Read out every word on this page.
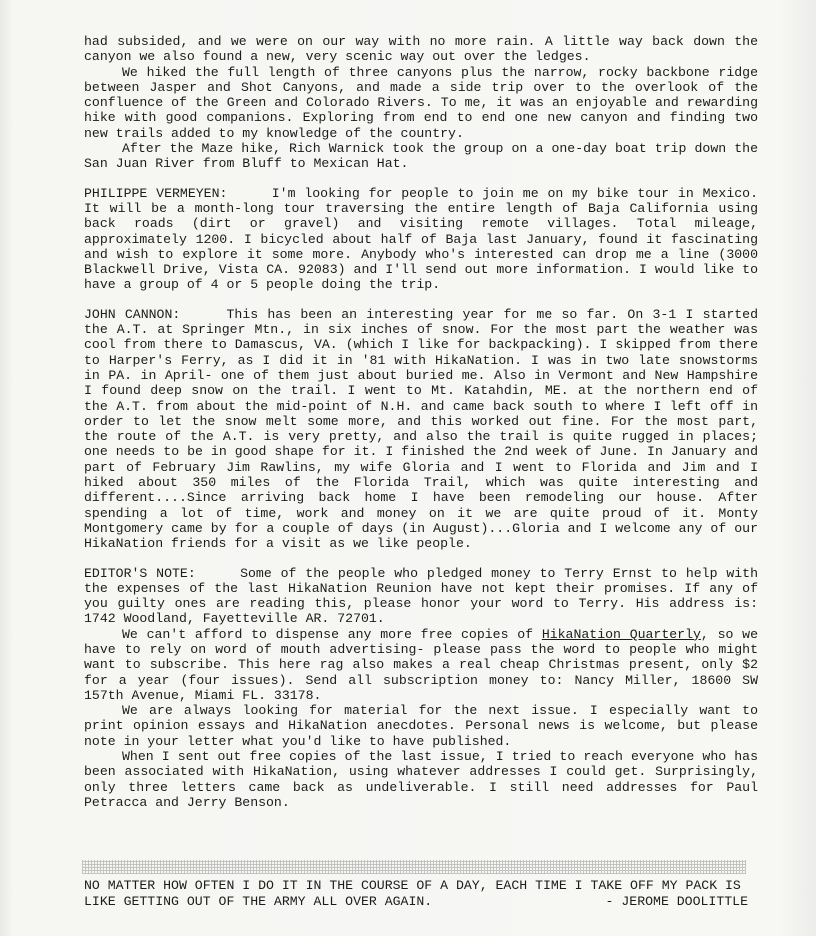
had subsided, and we were on our way with no more rain. A little way back down the canyon we also found a new, very scenic way out over the ledges.

We hiked the full length of three canyons plus the narrow, rocky backbone ridge between Jasper and Shot Canyons, and made a side trip over to the overlook of the confluence of the Green and Colorado Rivers. To me, it was an enjoyable and rewarding hike with good companions. Exploring from end to end one new canyon and finding two new trails added to my knowledge of the country.

After the Maze hike, Rich Warnick took the group on a one-day boat trip down the San Juan River from Bluff to Mexican Hat.

PHILIPPE VERMEYEN:	I'm looking for people to join me on my bike tour in Mexico. It will be a month-long tour traversing the entire length of Baja California using back roads (dirt or gravel) and visiting remote villages. Total mileage, approximately 1200. I bicycled about half of Baja last January, found it fascinating and wish to explore it some more. Anybody who's interested can drop me a line (3000 Blackwell Drive, Vista CA. 92083) and I'll send out more information. I would like to have a group of 4 or 5 people doing the trip.

JOHN CANNON:	This has been an interesting year for me so far. On 3-1 I started the A.T. at Springer Mtn., in six inches of snow. For the most part the weather was cool from there to Damascus, VA. (which I like for backpacking). I skipped from there to Harper's Ferry, as I did it in '81 with HikaNation. I was in two late snowstorms in PA. in April- one of them just about buried me. Also in Vermont and New Hampshire I found deep snow on the trail. I went to Mt. Katahdin, ME. at the northern end of the A.T. from about the mid-point of N.H. and came back south to where I left off in order to let the snow melt some more, and this worked out fine. For the most part, the route of the A.T. is very pretty, and also the trail is quite rugged in places; one needs to be in good shape for it. I finished the 2nd week of June. In January and part of February Jim Rawlins, my wife Gloria and I went to Florida and Jim and I hiked about 350 miles of the Florida Trail, which was quite interesting and different....Since arriving back home I have been remodeling our house. After spending a lot of time, work and money on it we are quite proud of it. Monty Montgomery came by for a couple of days (in August)...Gloria and I welcome any of our HikaNation friends for a visit as we like people.

EDITOR'S NOTE:	Some of the people who pledged money to Terry Ernst to help with the expenses of the last HikaNation Reunion have not kept their promises. If any of you guilty ones are reading this, please honor your word to Terry. His address is: 1742 Woodland, Fayetteville AR. 72701.

We can't afford to dispense any more free copies of HikaNation Quarterly, so we have to rely on word of mouth advertising- please pass the word to people who might want to subscribe. This here rag also makes a real cheap Christmas present, only $2 for a year (four issues). Send all subscription money to: Nancy Miller, 18600 SW 157th Avenue, Miami FL. 33178.

We are always looking for material for the next issue. I especially want to print opinion essays and HikaNation anecdotes. Personal news is welcome, but please note in your letter what you'd like to have published.

When I sent out free copies of the last issue, I tried to reach everyone who has been associated with HikaNation, using whatever addresses I could get. Surprisingly, only three letters came back as undeliverable. I still need addresses for Paul Petracca and Jerry Benson.

NO MATTER HOW OFTEN I DO IT IN THE COURSE OF A DAY, EACH TIME I TAKE OFF MY PACK IS
LIKE GETTING OUT OF THE ARMY ALL OVER AGAIN.	- JEROME DOOLITTLE
